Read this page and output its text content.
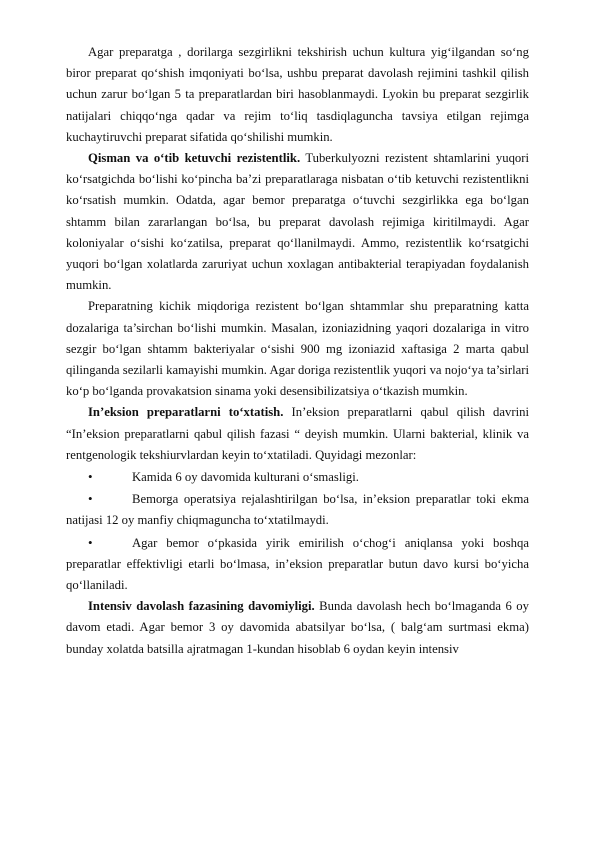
Agar preparatga , dorilarga sezgirlikni tekshirish uchun kultura yig‘ilgandan so‘ng biror preparat qo‘shish imqoniyati bo‘lsa, ushbu preparat davolash rejimini tashkil qilish uchun zarur bo‘lgan 5 ta preparatlardan biri hasoblanmaydi. Lyokin bu preparat sezgirlik natijalari chiqqo‘nga qadar va rejim to‘liq tasdiqlaguncha tavsiya etilgan rejimga kuchaytiruvchi preparat sifatida qo‘shilishi mumkin.

Qisman va o‘tib ketuvchi rezistentlik. Tuberkulyozni rezistent shtamlarini yuqori ko‘rsatgichda bo‘lishi ko‘pincha ba’zi preparatlaraga nisbatan o‘tib ketuvchi rezistentlikni ko‘rsatish mumkin. Odatda, agar bemor preparatga o‘tuvchi sezgirlikka ega bo‘lgan shtamm bilan zararlangan bo‘lsa, bu preparat davolash rejimiga kiritilmaydi. Agar koloniyalar o‘sishi ko‘zatilsa, preparat qo‘llanilmaydi. Ammo, rezistentlik ko‘rsatgichi yuqori bo‘lgan xolatlarda zaruriyat uchun xoxlagan antibakterial terapiyadan foydalanish mumkin.

Preparatning kichik miqdoriga rezistent bo‘lgan shtammlar shu preparatning katta dozalariga ta’sirchan bo‘lishi mumkin. Masalan, izoniazidning yaqori dozalariga in vitro sezgir bo‘lgan shtamm bakteriyalar o‘sishi 900 mg izoniazid xaftasiga 2 marta qabul qilinganda sezilarli kamayishi mumkin. Agar doriga rezistentlik yuqori va nojo‘ya ta’sirlari ko‘p bo‘lganda provakatsion sinama yoki desensibilizatsiya o‘tkazish mumkin.

In’eksion preparatlarni to‘xtatish. In’eksion preparatlarni qabul qilish davrini “In’eksion preparatlarni qabul qilish fazasi “ deyish mumkin. Ularni bakterial, klinik va rentgenologik tekshiurvlardan keyin to‘xtatiladi. Quyidagi mezonlar:

•Kamida 6 oy davomida kulturani o‘smasligi.

•Bemorga operatsiya rejalashtirilgan bo‘lsa, in’eksion preparatlar toki ekma natijasi 12 oy manfiy chiqmaguncha to‘xtatilmaydi.

•Agar bemor o‘pkasida yirik emirilish o‘chog‘i aniqlansa yoki boshqa preparatlar effektivligi etarli bo‘lmasa, in’eksion preparatlar butun davo kursi bo‘yicha qo‘llaniladi.

Intensiv davolash fazasining davomiyligi. Bunda davolash hech bo‘lmaganda 6 oy davom etadi. Agar bemor 3 oy davomida abatsilyar bo‘lsa, ( balg‘am surtmasi ekma) bunday xolatda batsilla ajratmagan 1-kundan hisoblab 6 oydan keyin intensiv
